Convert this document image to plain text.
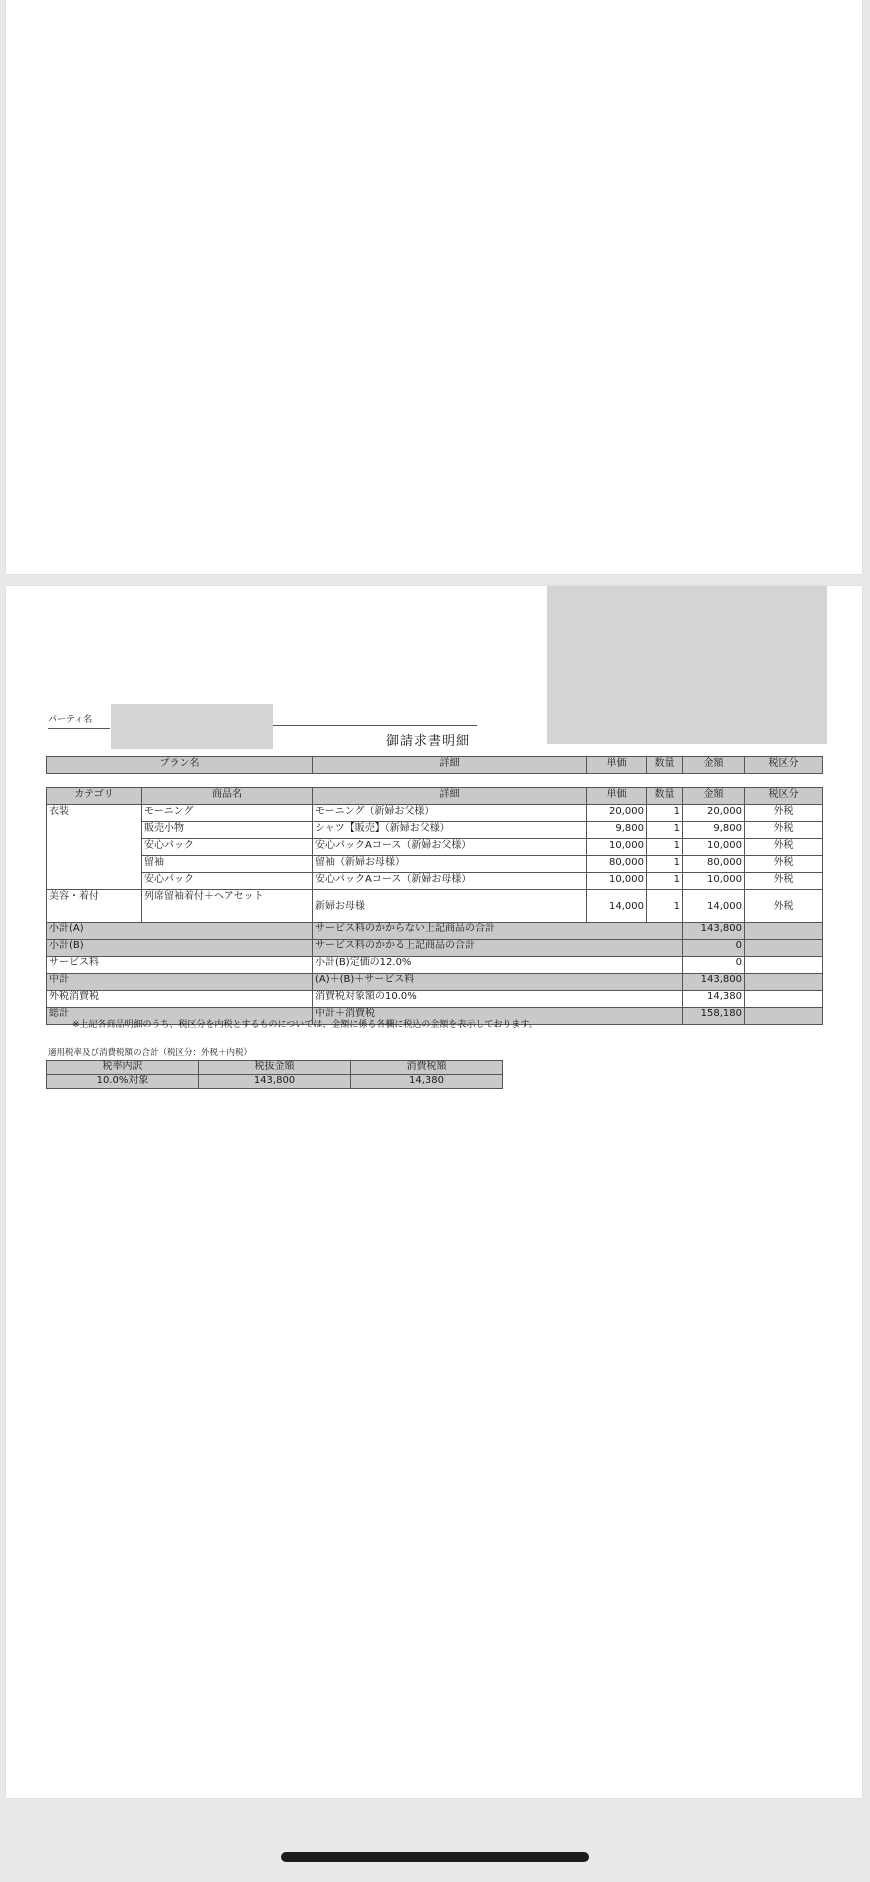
パーティ名
御請求書明細
プラン名	詳細	単価	数量	金額	税区分
カテゴリ	商品名	詳細	単価	数量	金額	税区分
衣装	モーニング	モーニング（新婦お父様）	20,000	1	20,000	外税
	販売小物	シャツ【販売】（新婦お父様）	9,800	1	9,800	外税
	安心パック	安心パックAコース（新婦お父様）	10,000	1	10,000	外税
	留袖	留袖（新婦お母様）	80,000	1	80,000	外税
	安心パック	安心パックAコース（新婦お母様）	10,000	1	10,000	外税
美容・着付	列席留袖着付＋ヘアセット	新婦お母様	14,000	1	14,000	外税
小計(A)		サービス料のかからない上記商品の合計			143,800	
小計(B)		サービス料のかかる上記商品の合計			0	
サービス料		小計(B)定価の12.0%			0	
中計		(A)＋(B)＋サービス料			143,800	
外税消費税		消費税対象額の10.0%			14,380	
総計		中計＋消費税			158,180	
※上記各商品明細のうち、税区分を内税とするものについては、金額に係る各欄に税込の金額を表示しております。
適用税率及び消費税額の合計（税区分：外税＋内税）
税率内訳	税抜金額	消費税額
10.0%対象	143,800	14,380
